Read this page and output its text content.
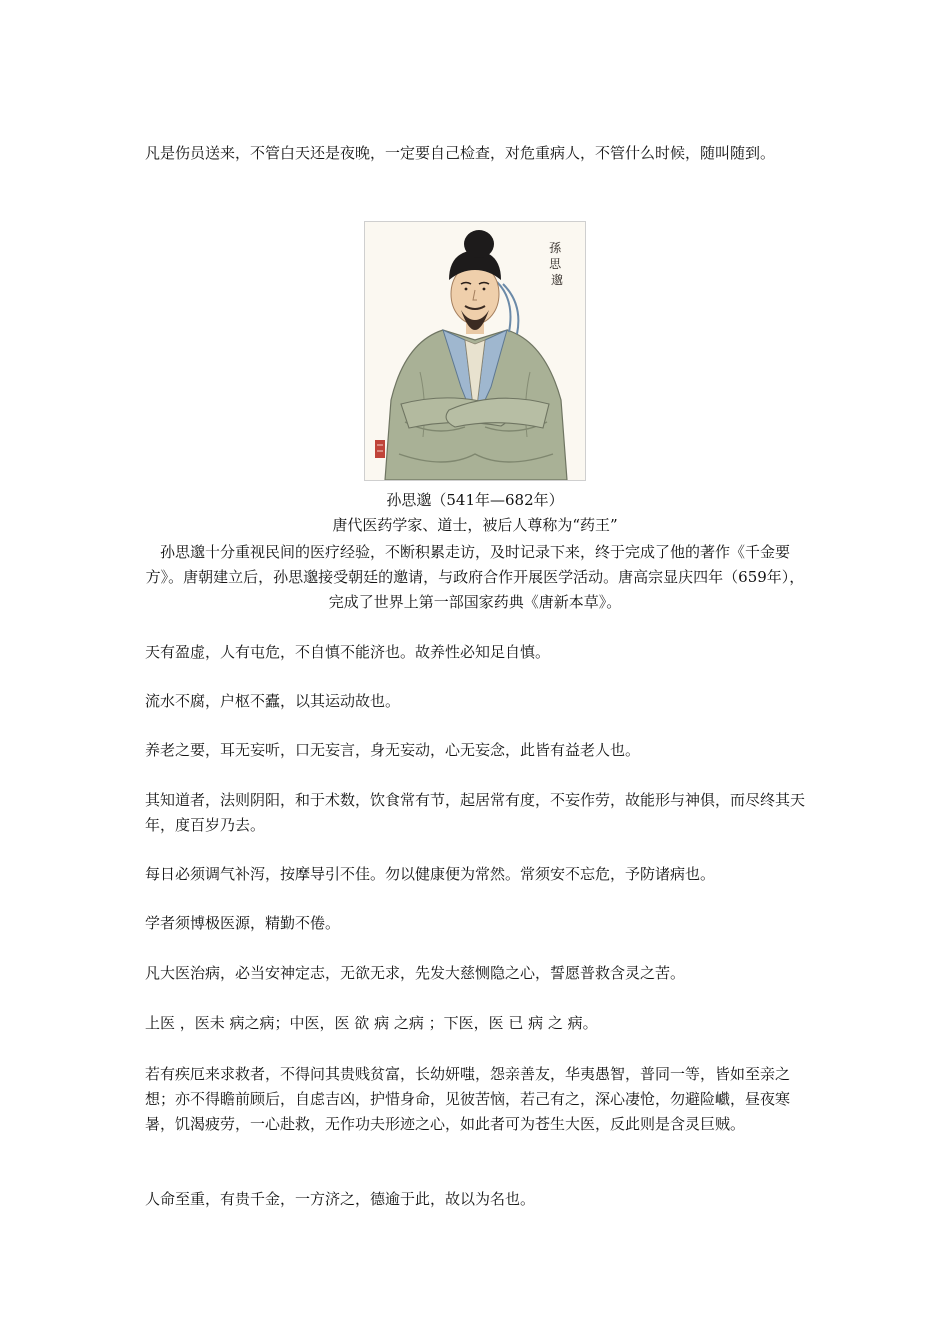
凡是伤员送来，不管白天还是夜晚，一定要自己检查，对危重病人，不管什么时候，随叫随到。

孫 思 邈
孙思邈（541年—682年）
唐代医药学家、道士，被后人尊称为“药王”

孙思邈十分重视民间的医疗经验，不断积累走访，及时记录下来，终于完成了他的著作《千金要方》。唐朝建立后，孙思邈接受朝廷的邀请，与政府合作开展医学活动。唐高宗显庆四年（659年），完成了世界上第一部国家药典《唐新本草》。

天有盈虚，人有屯危，不自慎不能济也。故养性必知足自慎。

流水不腐，户枢不蠹，以其运动故也。

养老之要，耳无妄听，口无妄言，身无妄动，心无妄念，此皆有益老人也。

其知道者，法则阴阳，和于术数，饮食常有节，起居常有度，不妄作劳，故能形与神俱，而尽终其天年，度百岁乃去。

每日必须调气补泻，按摩导引不佳。勿以健康便为常然。常须安不忘危，予防诸病也。

学者须博极医源，精勤不倦。

凡大医治病，必当安神定志，无欲无求，先发大慈恻隐之心，誓愿普救含灵之苦。

上医 ，医未 病之病；中医，医 欲 病 之病 ；下医，医 已 病 之 病。

若有疾厄来求救者，不得问其贵贱贫富，长幼妍嗤，怨亲善友，华夷愚智，普同一等，皆如至亲之想；亦不得瞻前顾后，自虑吉凶，护惜身命，见彼苦恼，若己有之，深心凄怆，勿避险巇，昼夜寒暑，饥渴疲劳，一心赴救，无作功夫形迹之心，如此者可为苍生大医，反此则是含灵巨贼。

人命至重，有贵千金，一方济之，德逾于此，故以为名也。
